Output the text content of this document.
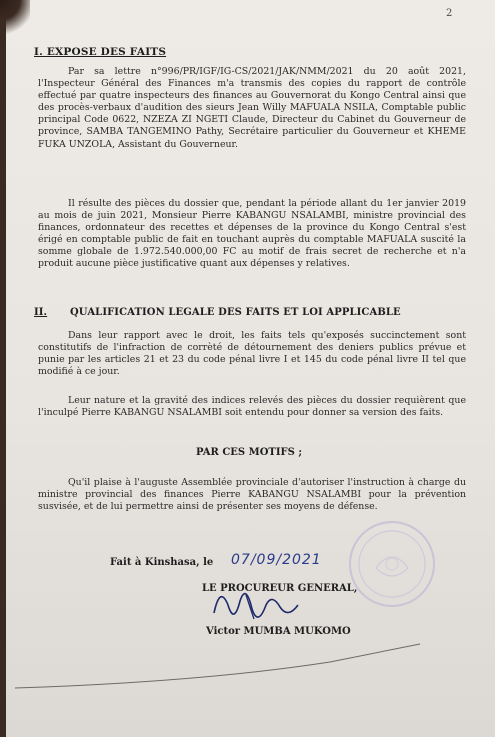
2
I. EXPOSE DES FAITS

Par sa lettre n°996/PR/IGF/IG-CS/2021/JAK/NMM/2021 du 20 août 2021, l'Inspecteur Général des Finances m'a transmis des copies du rapport de contrôle effectué par quatre inspecteurs des finances au Gouvernorat du Kongo Central ainsi que des procès-verbaux d'audition des sieurs Jean Willy MAFUALA NSILA, Comptable public principal Code 0622, NZEZA ZI NGETI Claude, Directeur du Cabinet du Gouverneur de province, SAMBA TANGEMINO Pathy, Secrétaire particulier du Gouverneur et KHEME FUKA UNZOLA, Assistant du Gouverneur.

Il résulte des pièces du dossier que, pendant la période allant du 1er janvier 2019 au mois de juin 2021, Monsieur Pierre KABANGU NSALAMBI, ministre provincial des finances, ordonnateur des recettes et dépenses de la province du Kongo Central s'est érigé en comptable public de fait en touchant auprès du comptable MAFUALA suscité la somme globale de 1.972.540.000,00 FC au motif de frais secret de recherche et n'a produit aucune pièce justificative quant aux dépenses y relatives.

II. QUALIFICATION LEGALE DES FAITS ET LOI APPLICABLE

Dans leur rapport avec le droit, les faits tels qu'exposés succinctement sont constitutifs de l'infraction de corrèté de détournement des deniers publics prévue et punie par les articles 21 et 23 du code pénal livre I et 145 du code pénal livre II tel que modifié à ce jour.

Leur nature et la gravité des indices relevés des pièces du dossier requièrent que l'inculpé Pierre KABANGU NSALAMBI soit entendu pour donner sa version des faits.

PAR CES MOTIFS ;

Qu'il plaise à l'auguste Assemblée provinciale d'autoriser l'instruction à charge du ministre provincial des finances Pierre KABANGU NSALAMBI pour la prévention susvisée, et de lui permettre ainsi de présenter ses moyens de défense.

Fait à Kinshasa, le 07/09/2021
LE PROCUREUR GENERAL,
Victor MUMBA MUKOMO
